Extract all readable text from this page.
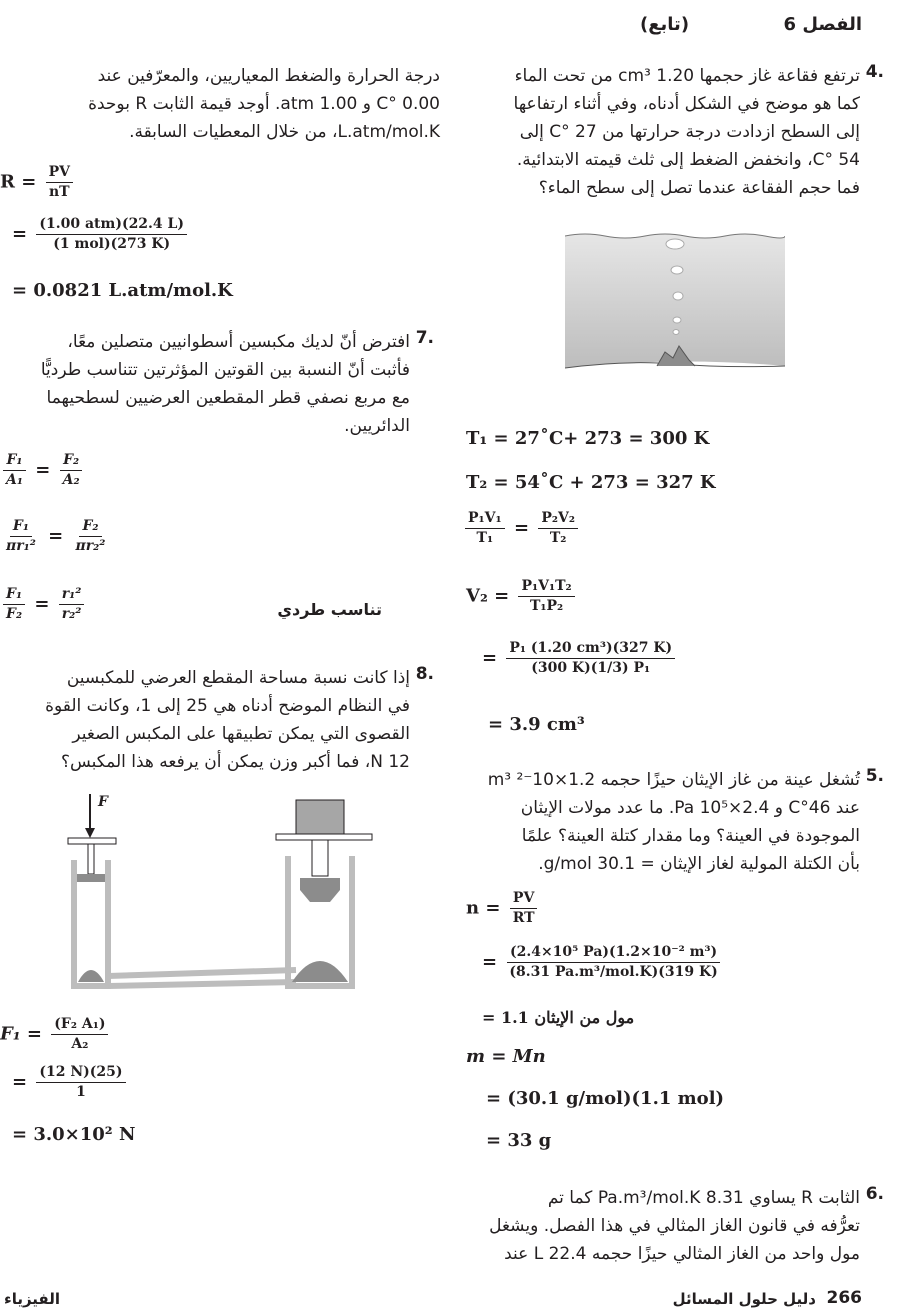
الفصل 6
(تابع)
4.
ترتفع فقاعة غاز حجمها 1.20 cm³ من تحت الماء
كما هو موضح في الشكل أدناه، وفي أثناء ارتفاعها
إلى السطح ازدادت درجة حرارتها من 27 °C إلى
54 °C، وانخفض الضغط إلى ثلث قيمته الابتدائية.
فما حجم الفقاعة عندما تصل إلى سطح الماء؟
T₁ = 27˚C+ 273 = 300 K
T₂ = 54˚C + 273 = 327 K
$\frac{\text{P₁V₁}}{\text{T₁}} = \frac{\text{P₂V₂}}{\text{T₂}}$
$V_2 = \frac{\text{P₁V₁T₂}}{\text{T₁P₂}}$
= $\frac{\text{P₁ (1.20 cm³)(327 K)}}{\text{(300 K)(1/3) P₁}}$
= 3.9 cm³
5.
تُشغل عينة من غاز الإيثان حيزًا حجمه 1.2×10⁻² m³
عند 46°C و 2.4×10⁵ Pa. ما عدد مولات الإيثان
الموجودة في العينة؟ وما مقدار كتلة العينة؟ علمًا
بأن الكتلة المولية لغاز الإيثان = 30.1 g/mol.
$n = \frac{PV}{RT}$
= $\frac{\text{(2.4×10⁵ Pa)(1.2×10⁻² m³)}}{\text{(8.31 Pa.m³/mol.K)(319 K)}}$
= 1.1 مول من الإيثان
m = Mn
= (30.1 g/mol)(1.1 mol)
= 33 g
6.
الثابت R يساوي 8.31 Pa.m³/mol.K كما تم
تعرُّفه في قانون الغاز المثالي في هذا الفصل. ويشغل
مول واحد من الغاز المثالي حيزًا حجمه 22.4 L عند
درجة الحرارة والضغط المعياريين، والمعرّفين عند
0.00 °C و 1.00 atm. أوجد قيمة الثابت R بوحدة
L.atm/mol.K، من خلال المعطيات السابقة.
$R = \frac{PV}{nT}$
= $\frac{\text{(1.00 atm)(22.4 L)}}{\text{(1 mol)(273 K)}}$
= 0.0821 L.atm/mol.K
7.
افترض أنّ لديك مكبسين أسطوانيين متصلين معًا،
فأثبت أنّ النسبة بين القوتين المؤثرتين تتناسب طرديًّا
مع مربع نصفي قطر المقطعين العرضيين لسطحيهما
الدائريين.
$\frac{\text{F₁}}{\text{A₁}} = \frac{\text{F₂}}{\text{A₂}}$
$\frac{\text{F₁}}{\text{πr₁²}} = \frac{\text{F₂}}{\text{πr₂²}}$
$\frac{\text{F₁}}{\text{F₂}} = \frac{\text{r₁²}}{\text{r₂²}}$	تناسب طردي
8.
إذا كانت نسبة مساحة المقطع العرضي للمكبسين
في النظام الموضح أدناه هي 25 إلى 1، وكانت القوة
القصوى التي يمكن تطبيقها على المكبس الصغير
12 N، فما أكبر وزن يمكن أن يرفعه هذا المكبس؟
F
$F_1 = \frac{\text{(F₂ A₁)}}{\text{A₂}}$
= $\frac{(12 N)(25)}{1}$
= 3.0×10² N
الفيزياء	دليل حلول المسائل 266
